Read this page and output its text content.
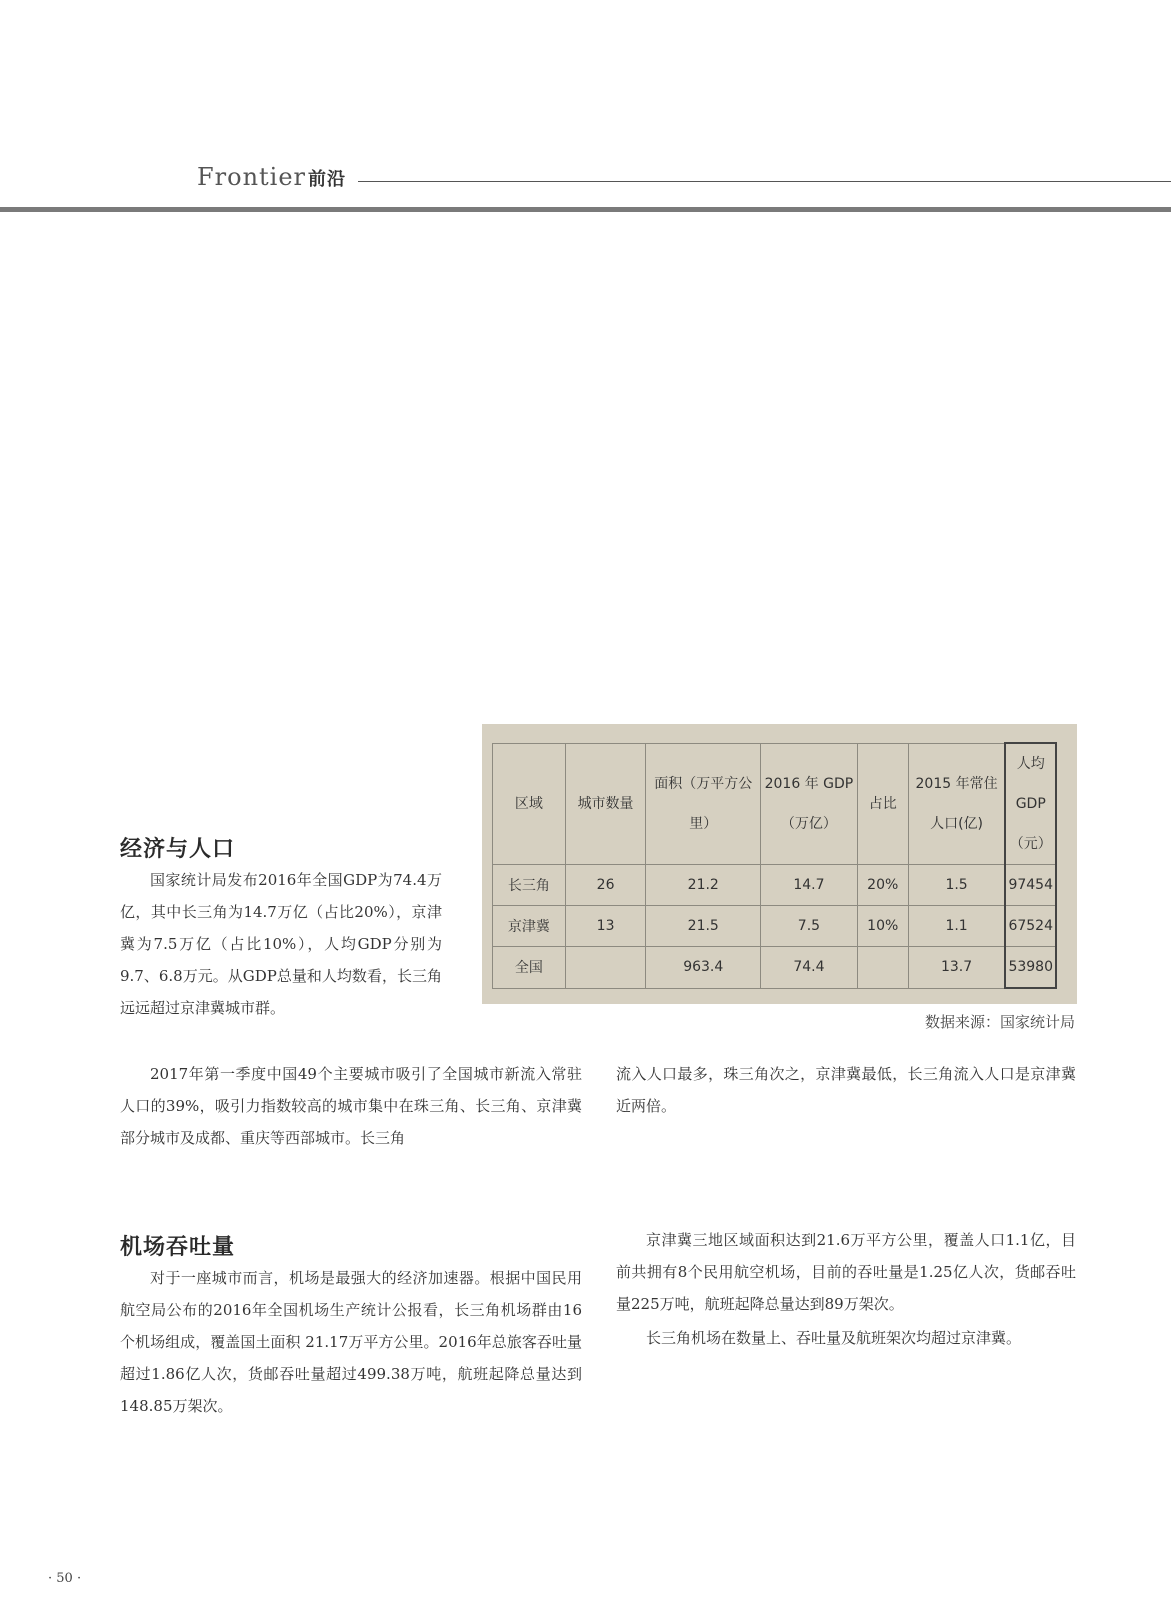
Frontier 前沿
区域	城市数量	面积（万平方公里）	2016 年 GDP（万亿）	占比	2015 年常住人口(亿)	人均 GDP（元）
长三角	26	21.2	14.7	20%	1.5	97454
京津冀	13	21.5	7.5	10%	1.1	67524
全国		963.4	74.4		13.7	53980
数据来源：国家统计局
经济与人口

国家统计局发布2016年全国GDP为74.4万亿，其中长三角为14.7万亿（占比20%），京津冀为7.5万亿（占比10%），人均GDP分别为9.7、6.8万元。从GDP总量和人均数看，长三角远远超过京津冀城市群。

2017年第一季度中国49个主要城市吸引了全国城市新流入常驻人口的39%，吸引力指数较高的城市集中在珠三角、长三角、京津冀部分城市及成都、重庆等西部城市。长三角

流入人口最多，珠三角次之，京津冀最低，长三角流入人口是京津冀近两倍。

机场吞吐量

对于一座城市而言，机场是最强大的经济加速器。根据中国民用航空局公布的2016年全国机场生产统计公报看，长三角机场群由16个机场组成，覆盖国土面积 21.17万平方公里。2016年总旅客吞吐量超过1.86亿人次，货邮吞吐量超过499.38万吨，航班起降总量达到148.85万架次。

京津冀三地区域面积达到21.6万平方公里，覆盖人口1.1亿，目前共拥有8个民用航空机场，目前的吞吐量是1.25亿人次，货邮吞吐量225万吨，航班起降总量达到89万架次。

长三角机场在数量上、吞吐量及航班架次均超过京津冀。

· 50 ·
